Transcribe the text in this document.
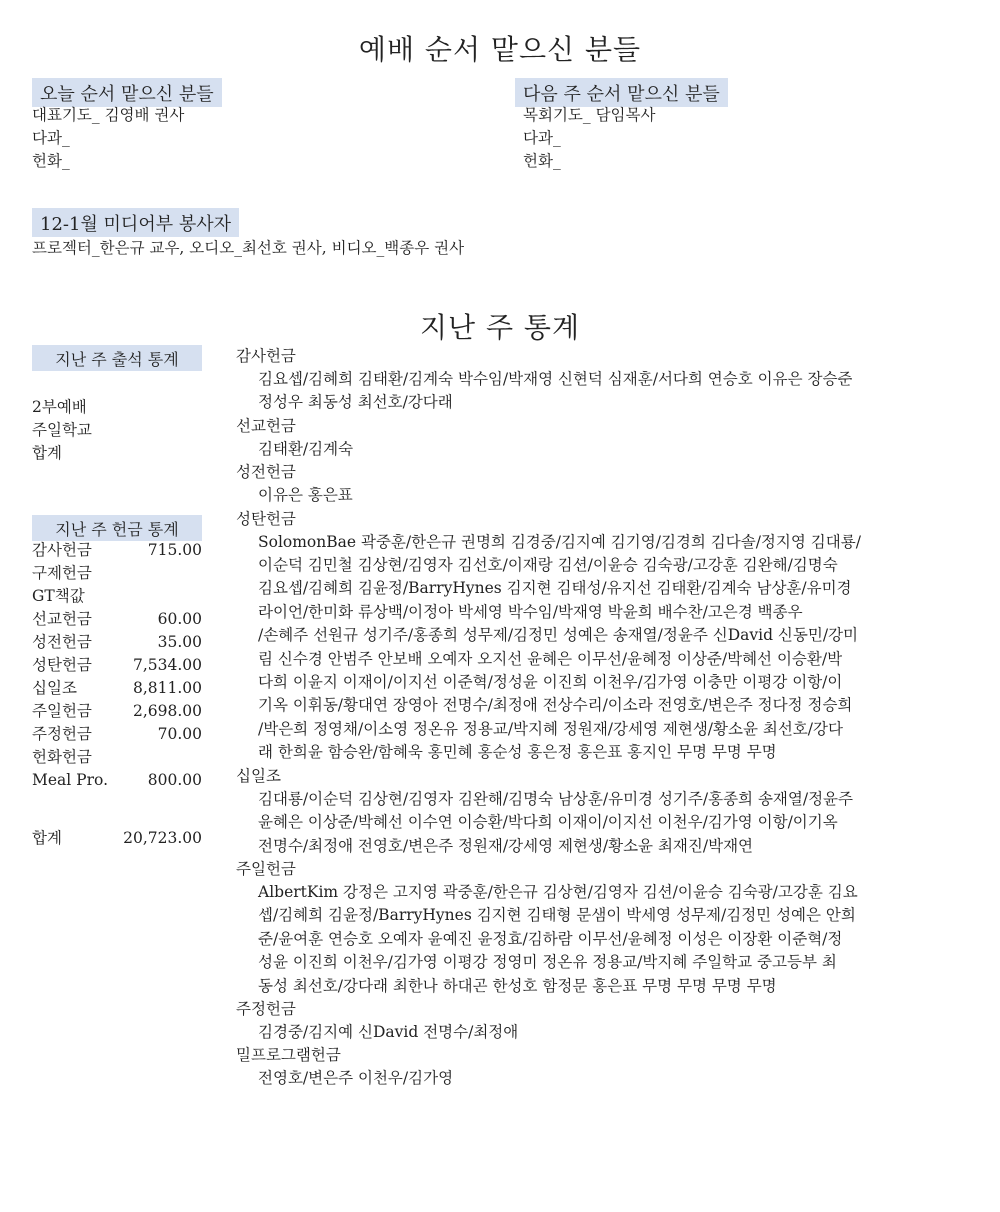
예배 순서 맡으신 분들
오늘 순서 맡으신 분들
대표기도_ 김영배 권사
다과_
헌화_
다음 주 순서 맡으신 분들
목회기도_ 담임목사
다과_
헌화_
12-1월 미디어부 봉사자
프로젝터_한은규 교우, 오디오_최선호 권사, 비디오_백종우 권사
지난 주 통계
지난 주 출석 통계
2부예배
주일학교
합계
지난 주 헌금 통계
감사헌금	715.00
구제헌금
GT책값
선교헌금	60.00
성전헌금	35.00
성탄헌금	7,534.00
십일조	8,811.00
주일헌금	2,698.00
주정헌금	70.00
헌화헌금
Meal Pro.	800.00
합계	20,723.00
감사헌금
김요셉/김혜희 김태환/김계숙 박수임/박재영 신현덕 심재훈/서다희 연승호 이유은 장승준
정성우 최동성 최선호/강다래
선교헌금
김태환/김계숙
성전헌금
이유은 홍은표
성탄헌금
SolomonBae 곽중훈/한은규 권명희 김경중/김지예 김기영/김경희 김다솔/정지영 김대룡/
이순덕 김민철 김상현/김영자 김선호/이재랑 김션/이윤승 김숙광/고강훈 김완해/김명숙
김요셉/김혜희 김윤정/BarryHynes 김지현 김태성/유지선 김태환/김계숙 남상훈/유미경
라이언/한미화 류상백/이정아 박세영 박수임/박재영 박윤희 배수찬/고은경 백종우
/손혜주 선원규 성기주/홍종희 성무제/김정민 성예은 송재열/정윤주 신David 신동민/강미
림 신수경 안범주 안보배 오예자 오지선 윤혜은 이무선/윤혜정 이상준/박혜선 이승환/박
다희 이윤지 이재이/이지선 이준혁/정성윤 이진희 이천우/김가영 이충만 이평강 이항/이
기옥 이휘동/황대연 장영아 전명수/최정애 전상수리/이소라 전영호/변은주 정다정 정승희
/박은희 정영채/이소영 정온유 정용교/박지혜 정원재/강세영 제현생/황소윤 최선호/강다
래 한희윤 함승완/함혜욱 홍민혜 홍순성 홍은정 홍은표 홍지인 무명 무명 무명
십일조
김대룡/이순덕 김상현/김영자 김완해/김명숙 남상훈/유미경 성기주/홍종희 송재열/정윤주
윤혜은 이상준/박혜선 이수연 이승환/박다희 이재이/이지선 이천우/김가영 이항/이기옥
전명수/최정애 전영호/변은주 정원재/강세영 제현생/황소윤 최재진/박재연
주일헌금
AlbertKim 강정은 고지영 곽중훈/한은규 김상현/김영자 김션/이윤승 김숙광/고강훈 김요
셉/김혜희 김윤정/BarryHynes 김지현 김태형 문샘이 박세영 성무제/김정민 성예은 안희
준/윤여훈 연승호 오예자 윤예진 윤정효/김하람 이무선/윤혜정 이성은 이장환 이준혁/정
성윤 이진희 이천우/김가영 이평강 정영미 정온유 정용교/박지혜 주일학교 중고등부 최
동성 최선호/강다래 최한나 하대곤 한성호 함정문 홍은표 무명 무명 무명 무명
주정헌금
김경중/김지예 신David 전명수/최정애
밀프로그램헌금
전영호/변은주 이천우/김가영
